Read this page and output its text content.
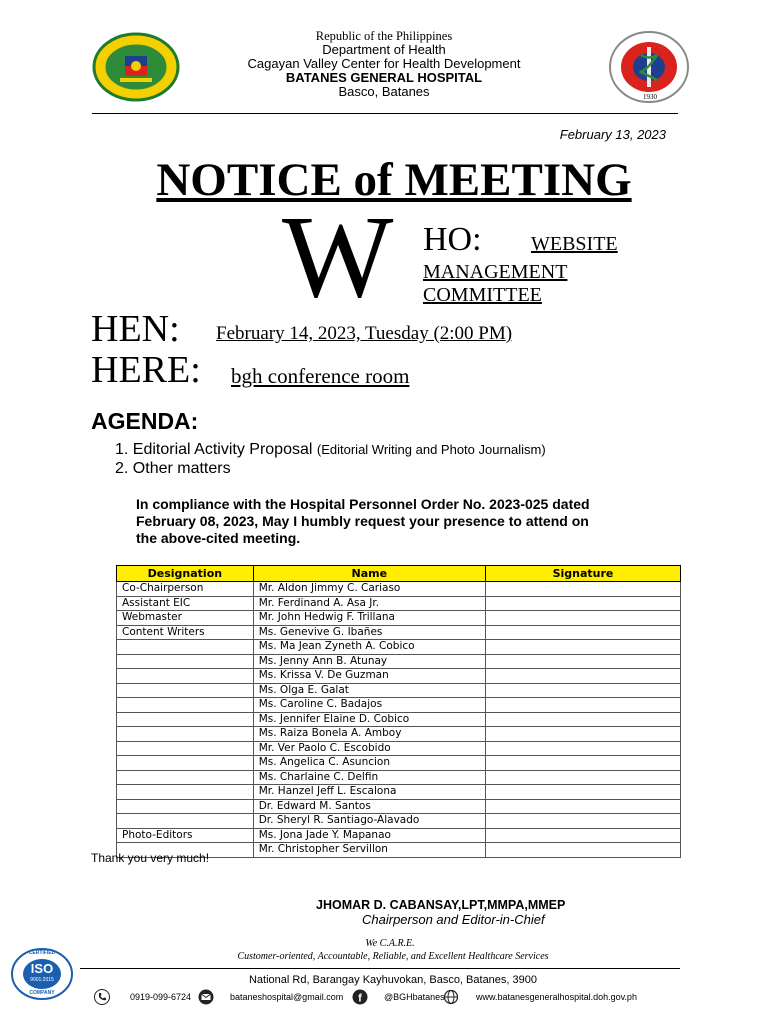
1930
Republic of the Philippines
Department of Health
Cagayan Valley Center for Health Development
BATANES GENERAL HOSPITAL
Basco, Batanes
February 13, 2023
NOTICE of MEETING
W HO: WEBSITE
MANAGEMENT
COMMITTEE
HEN: February 14, 2023, Tuesday (2:00 PM)
HERE: bgh conference room
AGENDA:
1. Editorial Activity Proposal (Editorial Writing and Photo Journalism)
2. Other matters
In compliance with the Hospital Personnel Order No. 2023-025 dated
February 08, 2023, May I humbly request your presence to attend on
the above-cited meeting.
Designation	Name	Signature
Co-Chairperson	Mr. Aldon Jimmy C. Cariaso	
Assistant EIC	Mr. Ferdinand A. Asa Jr.	
Webmaster	Mr. John Hedwig F. Trillana	
Content Writers	Ms. Genevive G. Ibañes	
	Ms. Ma Jean Zyneth A. Cobico	
	Ms. Jenny Ann B. Atunay	
	Ms. Krissa V. De Guzman	
	Ms. Olga E. Galat	
	Ms. Caroline C. Badajos	
	Ms. Jennifer Elaine D. Cobico	
	Ms. Raiza Bonela A. Amboy	
	Mr. Ver Paolo C. Escobido	
	Ms. Angelica C. Asuncion	
	Ms. Charlaine C. Delfin	
	Mr. Hanzel Jeff L. Escalona	
	Dr. Edward M. Santos	
	Dr. Sheryl R. Santiago-Alavado	
Photo-Editors	Ms. Jona Jade Y. Mapanao	
	Mr. Christopher Servillon	
Thank you very much!
JHOMAR D. CABANSAY,LPT,MMPA,MMEP
Chairperson and Editor-in-Chief
We C.A.R.E.
Customer-oriented, Accountable, Reliable, and Excellent Healthcare Services
CERTIFIED
ISO
9001:2015
COMPANY
National Rd, Barangay Kayhuvokan, Basco, Batanes, 3900
0919-099-6724	bataneshospital@gmail.com f @BGHbatanes	www.batanesgeneralhospital.doh.gov.ph
